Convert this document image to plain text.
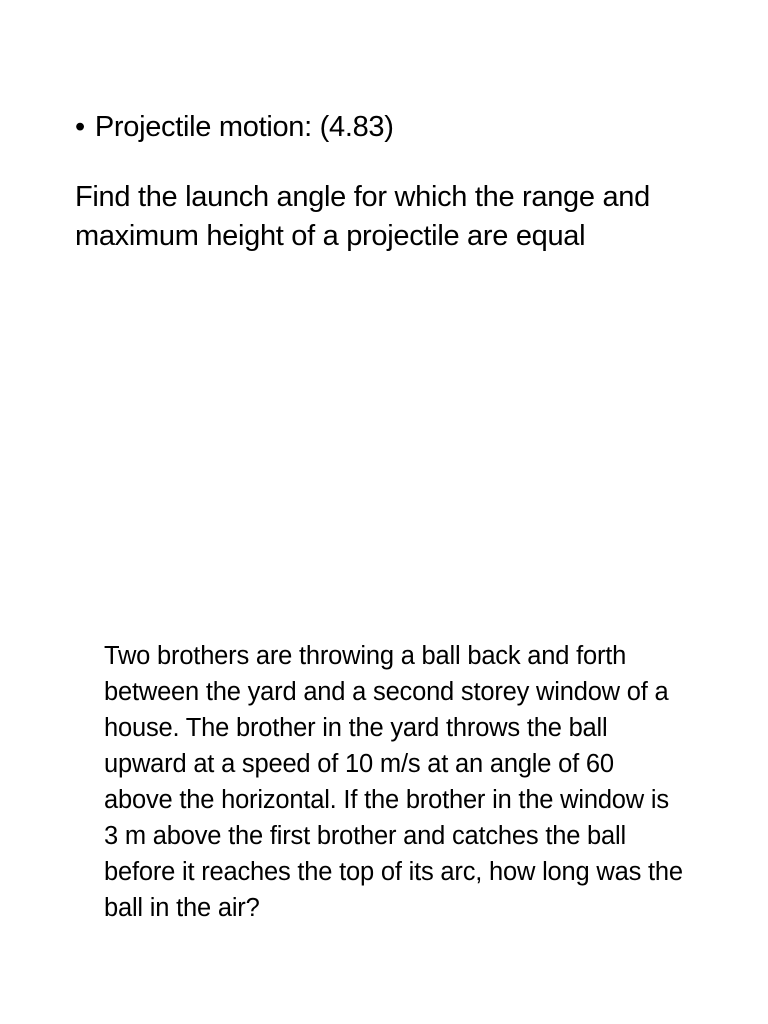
• Projectile motion: (4.83)
Find the launch angle for which the range and maximum height of a projectile are equal
Two brothers are throwing a ball back and forth between the yard and a second storey window of a house. The brother in the yard throws the ball upward at a speed of 10 m/s at an angle of 60 above the horizontal. If the brother in the window is 3 m above the first brother and catches the ball before it reaches the top of its arc, how long was the ball in the air?
